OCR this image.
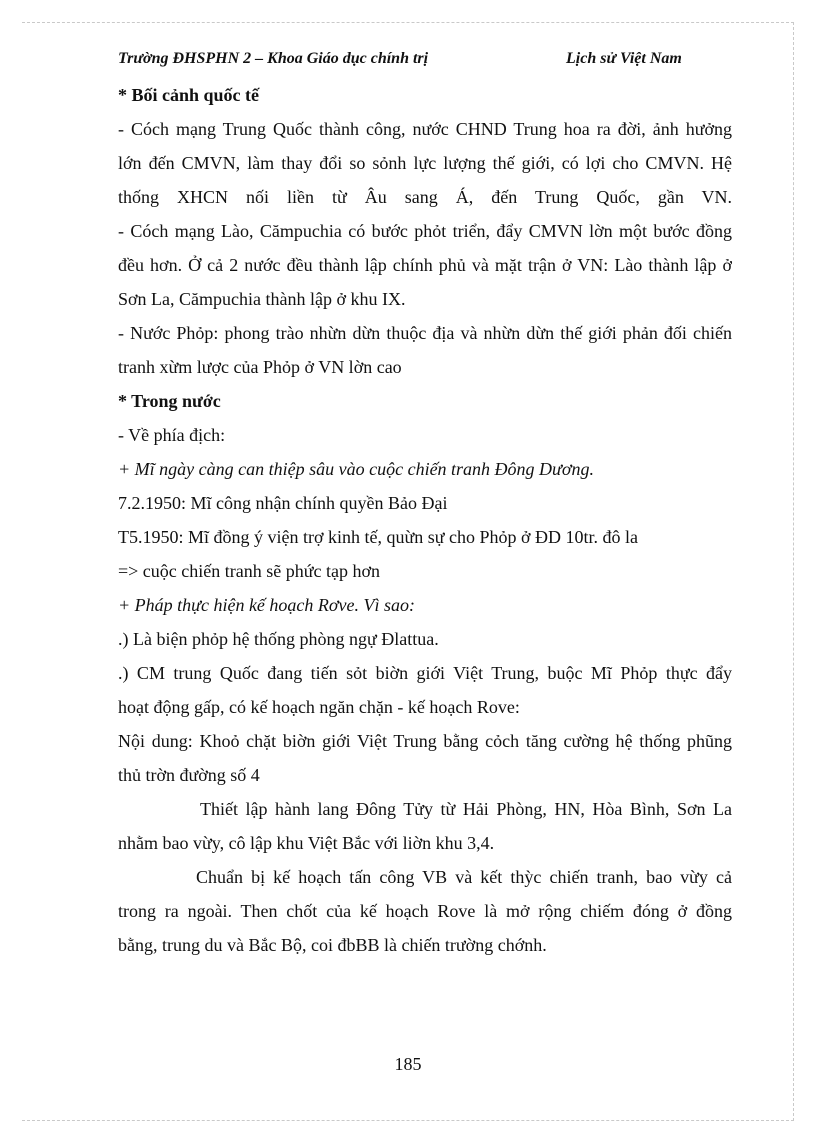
Trường ĐHSPHN 2 – Khoa Giáo dục chính trị	Lịch sử Việt Nam
* Bối cảnh quốc tế
- Cóch mạng Trung Quốc thành công, nước CHND Trung hoa ra đời, ảnh hưởng
lớn đến CMVN, làm thay đổi so sỏnh lực lượng thế giới, có lợi cho CMVN. Hệ
thống XHCN nối liền từ Âu sang Á, đến Trung Quốc, gần VN.
- Cóch mạng Lào, Cămpuchia có bước phỏt triển, đẩy CMVN lờn một bước đồng
đều hơn. Ở cả 2 nước đều thành lập chính phủ và mặt trận ở VN: Lào thành lập ở
Sơn La, Cămpuchia thành lập ở khu IX.
- Nước Phỏp: phong trào nhừn dừn thuộc địa và nhừn dừn thế giới phản đối chiến
tranh xừm lược của Phỏp ở VN lờn cao
* Trong nước
- Về phía địch:
+ Mĩ ngày càng can thiệp sâu vào cuộc chiến tranh Đông Dương.
7.2.1950: Mĩ công nhận chính quyền Bảo Đại
T5.1950: Mĩ đồng ý viện trợ kinh tế, quừn sự cho Phỏp ở ĐD 10tr. đô la
=> cuộc chiến tranh sẽ phức tạp hơn
+ Pháp thực hiện kế hoạch Rơve. Vì sao:
.) Là biện phỏp hệ thống phòng ngự Đlattua.
.) CM trung Quốc đang tiến sỏt biờn giới Việt Trung, buộc Mĩ Phỏp thực đẩy
hoạt động gấp, có kế hoạch ngăn chặn - kế hoạch Rove:
Nội dung: Khoỏ chặt biờn giới Việt Trung bằng cỏch tăng cường hệ thống phũng
thủ trờn đường số 4
Thiết lập hành lang Đông Tửy từ Hải Phòng, HN, Hòa Bình, Sơn La
nhằm bao vừy, cô lập khu Việt Bắc với liờn khu 3,4.
Chuẩn bị kế hoạch tấn công VB và kết thỳc chiến tranh, bao vừy cả
trong ra ngoài. Then chốt của kế hoạch Rove là mở rộng chiếm đóng ở đồng
bằng, trung du và Bắc Bộ, coi đbBB là chiến trường chớnh.
185
